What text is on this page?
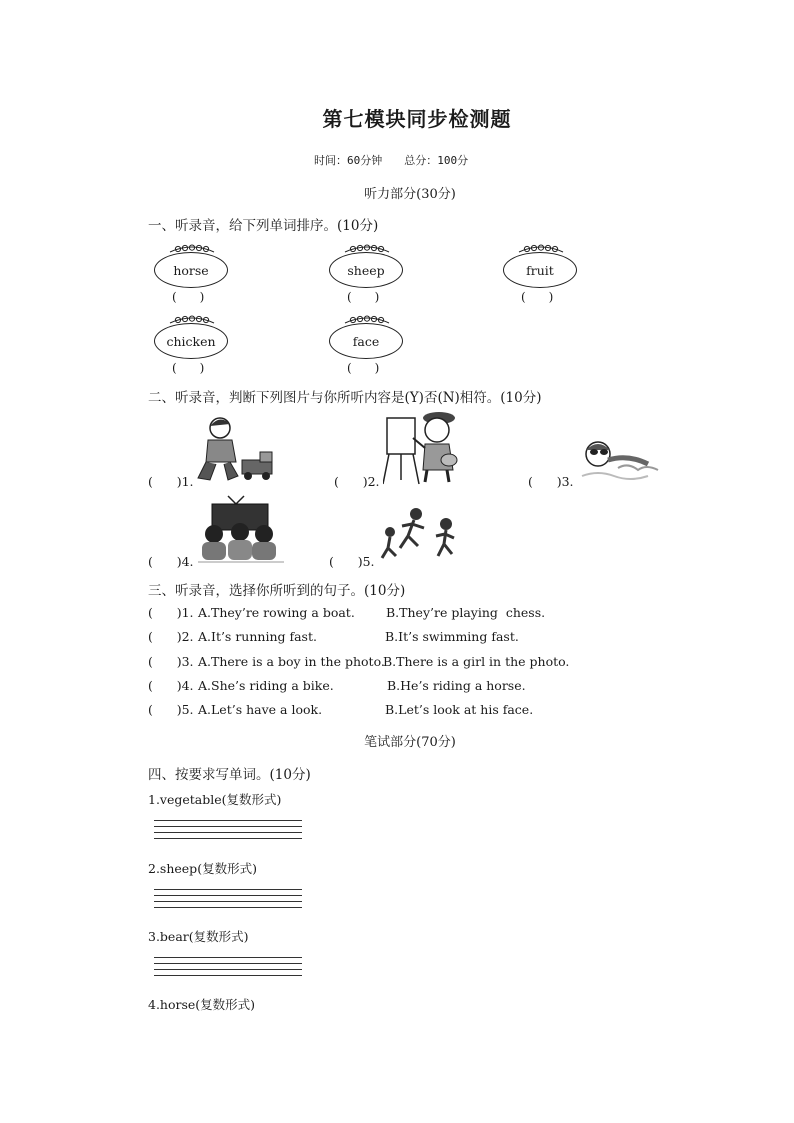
第七模块同步检测题
时间：60分钟 总分：100分
听力部分(30分)
一、听录音，给下列单词排序。(10分)
horse
(      )
sheep
(      )
fruit
(      )
chicken
(      )
face
(      )
二、听录音，判断下列图片与你所听内容是(Y)否(N)相符。(10分)
(      )1.	(      )2.	(      )3.
(      )4.	(      )5.
三、听录音，选择你所听到的句子。(10分)
(      )1. A.They’re rowing a boat. B.They’re playing  chess.
(      )2. A.It’s running fast.	B.It’s swimming fast.
(      )3. A.There is a boy in the photo.
B.There is a girl in the photo.
(      )4. A.She’s riding a bike.	B.He’s riding a horse.
(      )5. A.Let’s have a look.	B.Let’s look at his face.
笔试部分(70分)
四、按要求写单词。(10分)
1.vegetable(复数形式)
2.sheep(复数形式)
3.bear(复数形式)
4.horse(复数形式)
